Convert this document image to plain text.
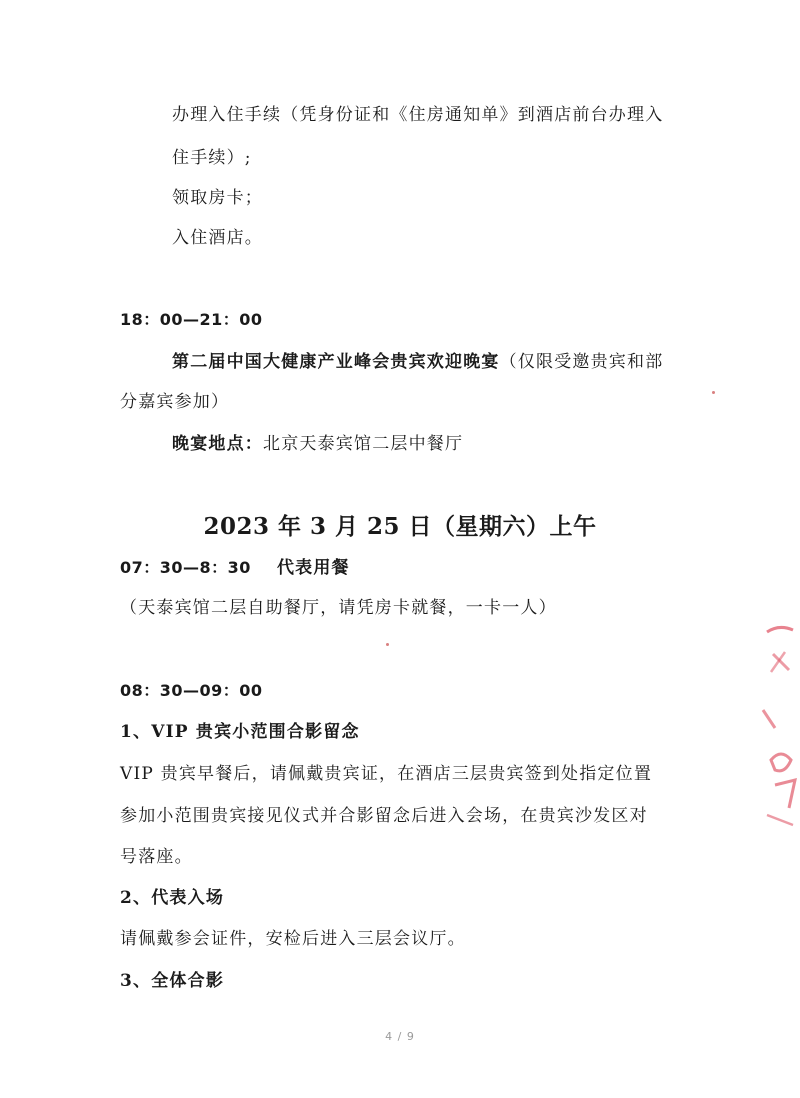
办理入住手续（凭身份证和《住房通知单》到酒店前台办理入
住手续）;
领取房卡；
入住酒店。
18：00—21：00
第二届中国大健康产业峰会贵宾欢迎晚宴（仅限受邀贵宾和部
分嘉宾参加）
晚宴地点：北京天泰宾馆二层中餐厅
2023 年 3 月 25 日（星期六）上午
07：30—8：30 代表用餐
（天泰宾馆二层自助餐厅，请凭房卡就餐，一卡一人）
08：30—09：00
1、VIP 贵宾小范围合影留念
VIP 贵宾早餐后，请佩戴贵宾证，在酒店三层贵宾签到处指定位置
参加小范围贵宾接见仪式并合影留念后进入会场，在贵宾沙发区对
号落座。
2、代表入场
请佩戴参会证件，安检后进入三层会议厅。
3、全体合影
4 / 9
